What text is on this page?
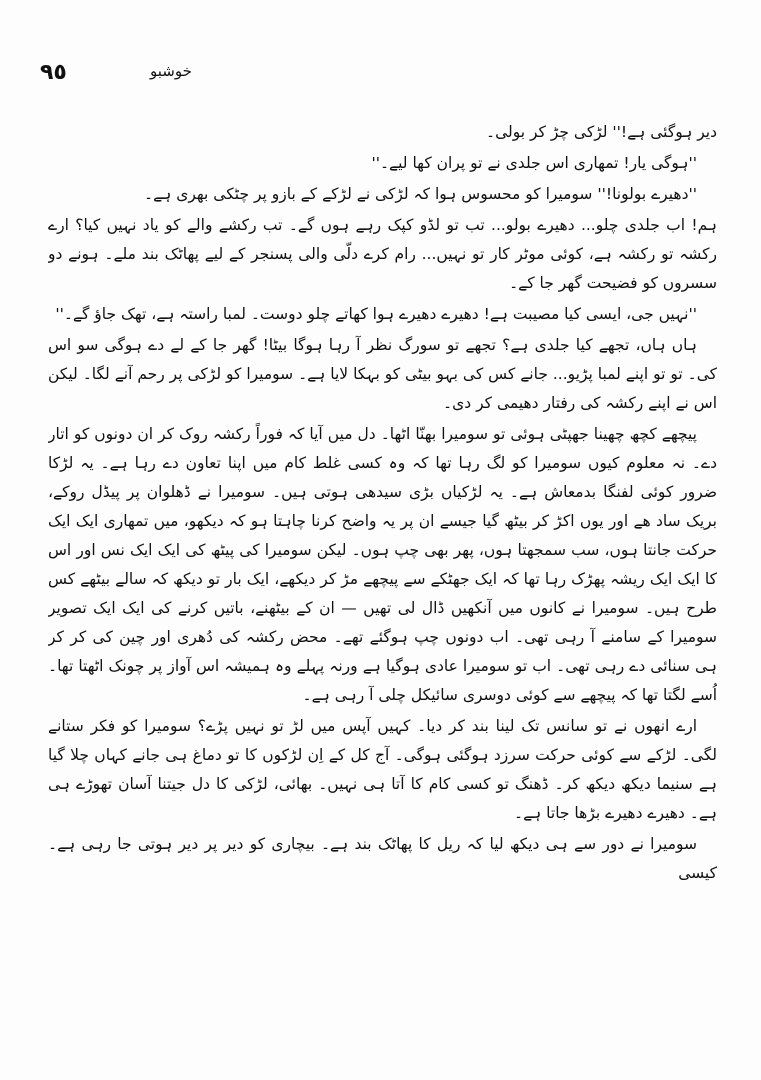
٩٥	خوشبو

دیر ہوگئی ہے!'' لڑکی چڑ کر بولی۔

''ہوگی یار! تمھاری اس جلدی نے تو پران کھا لیے۔''

''دھیرے بولونا!'' سومیرا کو محسوس ہوا کہ لڑکی نے لڑکے کے بازو پر چٹکی بھری ہے۔

ہم! اب جلدی چلو... دھیرے بولو... تب تو لڈو کپک رہے ہوں گے۔ تب رکشے والے کو یاد نہیں کیا؟ ارے رکشہ تو رکشہ ہے، کوئی موٹر کار تو نہیں... رام کرے دلّی والی پسنجر کے لیے پھاٹک بند ملے۔ ہونے دو سسروں کو فضیحت گھر جا کے۔

''نہیں جی، ایسی کیا مصیبت ہے! دھیرے دھیرے ہوا کھاتے چلو دوست۔ لمبا راستہ ہے، تھک جاؤ گے۔''

ہاں ہاں، تجھے کیا جلدی ہے؟ تجھے تو سورگ نظر آ رہا ہوگا بیٹا! گھر جا کے لے دے ہوگی سو اس کی۔ تو تو اپنے لمبا پڑیو... جانے کس کی بہو بیٹی کو بہکا لایا ہے۔ سومیرا کو لڑکی پر رحم آنے لگا۔ لیکن اس نے اپنے رکشہ کی رفتار دھیمی کر دی۔

پیچھے کچھ چھینا جھپٹی ہوئی تو سومیرا بھنّا اٹھا۔ دل میں آیا کہ فوراً رکشہ روک کر ان دونوں کو اتار دے۔ نہ معلوم کیوں سومیرا کو لگ رہا تھا کہ وہ کسی غلط کام میں اپنا تعاون دے رہا ہے۔ یہ لڑکا ضرور کوئی لفنگا بدمعاش ہے۔ یہ لڑکیاں بڑی سیدھی ہوتی ہیں۔ سومیرا نے ڈھلوان پر پیڈل روکے، بریک ساد ھے اور یوں اکڑ کر بیٹھ گیا جیسے ان پر یہ واضح کرنا چاہتا ہو کہ دیکھو، میں تمھاری ایک ایک حرکت جانتا ہوں، سب سمجھتا ہوں، پھر بھی چپ ہوں۔ لیکن سومیرا کی پیٹھ کی ایک ایک نس اور اس کا ایک ایک ریشہ پھڑک رہا تھا کہ ایک جھٹکے سے پیچھے مڑ کر دیکھے، ایک بار تو دیکھ کہ سالے بیٹھے کس طرح ہیں۔ سومیرا نے کانوں میں آنکھیں ڈال لی تھیں — ان کے بیٹھنے، باتیں کرنے کی ایک ایک تصویر سومیرا کے سامنے آ رہی تھی۔ اب دونوں چپ ہوگئے تھے۔ محض رکشہ کی دُھری اور چین کی کر کر ہی سنائی دے رہی تھی۔ اب تو سومیرا عادی ہوگیا ہے ورنہ پہلے وہ ہمیشہ اس آواز پر چونک اٹھتا تھا۔ اُسے لگتا تھا کہ پیچھے سے کوئی دوسری سائیکل چلی آ رہی ہے۔

ارے انھوں نے تو سانس تک لینا بند کر دیا۔ کہیں آپس میں لڑ تو نہیں پڑے؟ سومیرا کو فکر ستانے لگی۔ لڑکے سے کوئی حرکت سرزد ہوگئی ہوگی۔ آج کل کے اِن لڑکوں کا تو دماغ ہی جانے کہاں چلا گیا ہے سنیما دیکھ دیکھ کر۔ ڈھنگ تو کسی کام کا آتا ہی نہیں۔ بھائی، لڑکی کا دل جیتنا آسان تھوڑے ہی ہے۔ دھیرے دھیرے بڑھا جاتا ہے۔

سومیرا نے دور سے ہی دیکھ لیا کہ ریل کا پھاٹک بند ہے۔ بیچاری کو دیر پر دیر ہوتی جا رہی ہے۔ کیسی
